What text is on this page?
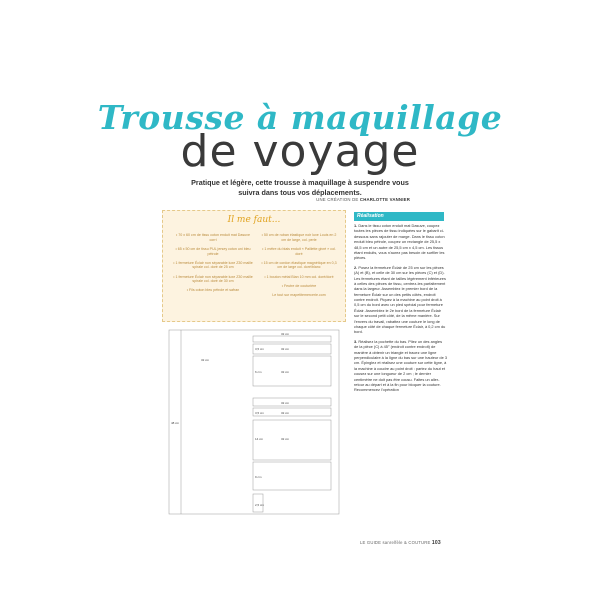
Trousse à maquillage
de voyage
Pratique et légère, cette trousse à maquillage à suspendre vous suivra dans tous vos déplacements.
UNE CRÉATION DE CHARLOTTE VANNIER
Il me faut...
• 70 x 60 cm de tissu coton enduit mat Dasuve corri
• 65 x 50 cm de tissu PUL jersey coton uni bleu pétrole
• 1 fermeture Éclair non séparable luxe Z30 maille spirale col. doré de 25 cm
• 1 fermeture Éclair non séparable luxe Z30 maille spirale col. doré de 30 cm
• Fils coton bleu pétrole et safran
• 50 cm de ruban élastique noir luxe Louis en 2 cm de large, col. perle
• 1 mètre du biais enduit « Paillette givré » col. doré
• 15 cm de cordon élastique magnétique en 0,3 cm de large col. doré/blanc
• 1 bouton métal Bian 10 mm col. doré/doré
• Feutre de couturière
Le tout sur mapetitemercerie.com
32 cm
32 cm
48 cm
3,5 cm	32 cm
6 cm	32 cm
32 cm
3,5 cm	32 cm
14 cm	32 cm
9 cm
2,5 cm
Réalisation
1. Dans le tissu coton enduit mat Dasuve, coupez toutes les pièces de tissu indiquées sur le gabarit ci-dessous sans rajouter de marge. Dans le tissu coton enduit bleu pétrole, coupez un rectangle de 25,5 x 48,5 cm et un autre de 25,5 cm x 4,5 cm. Les tissus étant enduits, vous n'aurez pas besoin de surfiler les pièces.
2. Posez la fermeture Éclair de 25 cm sur les pièces (A) et (B), et celle de 30 cm sur les pièces (C) et (D). Les fermetures étant de tailles légèrement inférieures à celles des pièces de tissu, centrez-les parfaitement dans la largeur. Assemblez le premier bord de la fermeture Éclair sur un des petits côtés, endroit contre endroit. Piquez à la machine au point droit à 0,5 cm du bord avec un pied spécial pour fermeture Éclair. Assemblez le 2e bord de la fermeture Éclair sur le second petit côté, de la même manière. Sur l'envers du travail, rabattez une couture le long de chaque côté de chaque fermeture Éclair, à 0,2 cm du bord.
3. Réalisez la pochette du bas. Pliez un des angles de la pièce (C) à 45° (endroit contre endroit) de manière à obtenir un triangle et tracez une ligne perpendiculaire à la ligne du bas sur une hauteur de 3 cm. Épinglez et réalisez une couture sur cette ligne, à la machine à coudre au point droit : partez du haut et cousez sur une longueur de 2 cm ; le dernier centimètre ne doit pas être cousu. Faites un aller-retour au départ et à la fin pour bloquer la couture. Recommencez l'opération
LE GUIDE sanrelfèle & COUTURE 103
